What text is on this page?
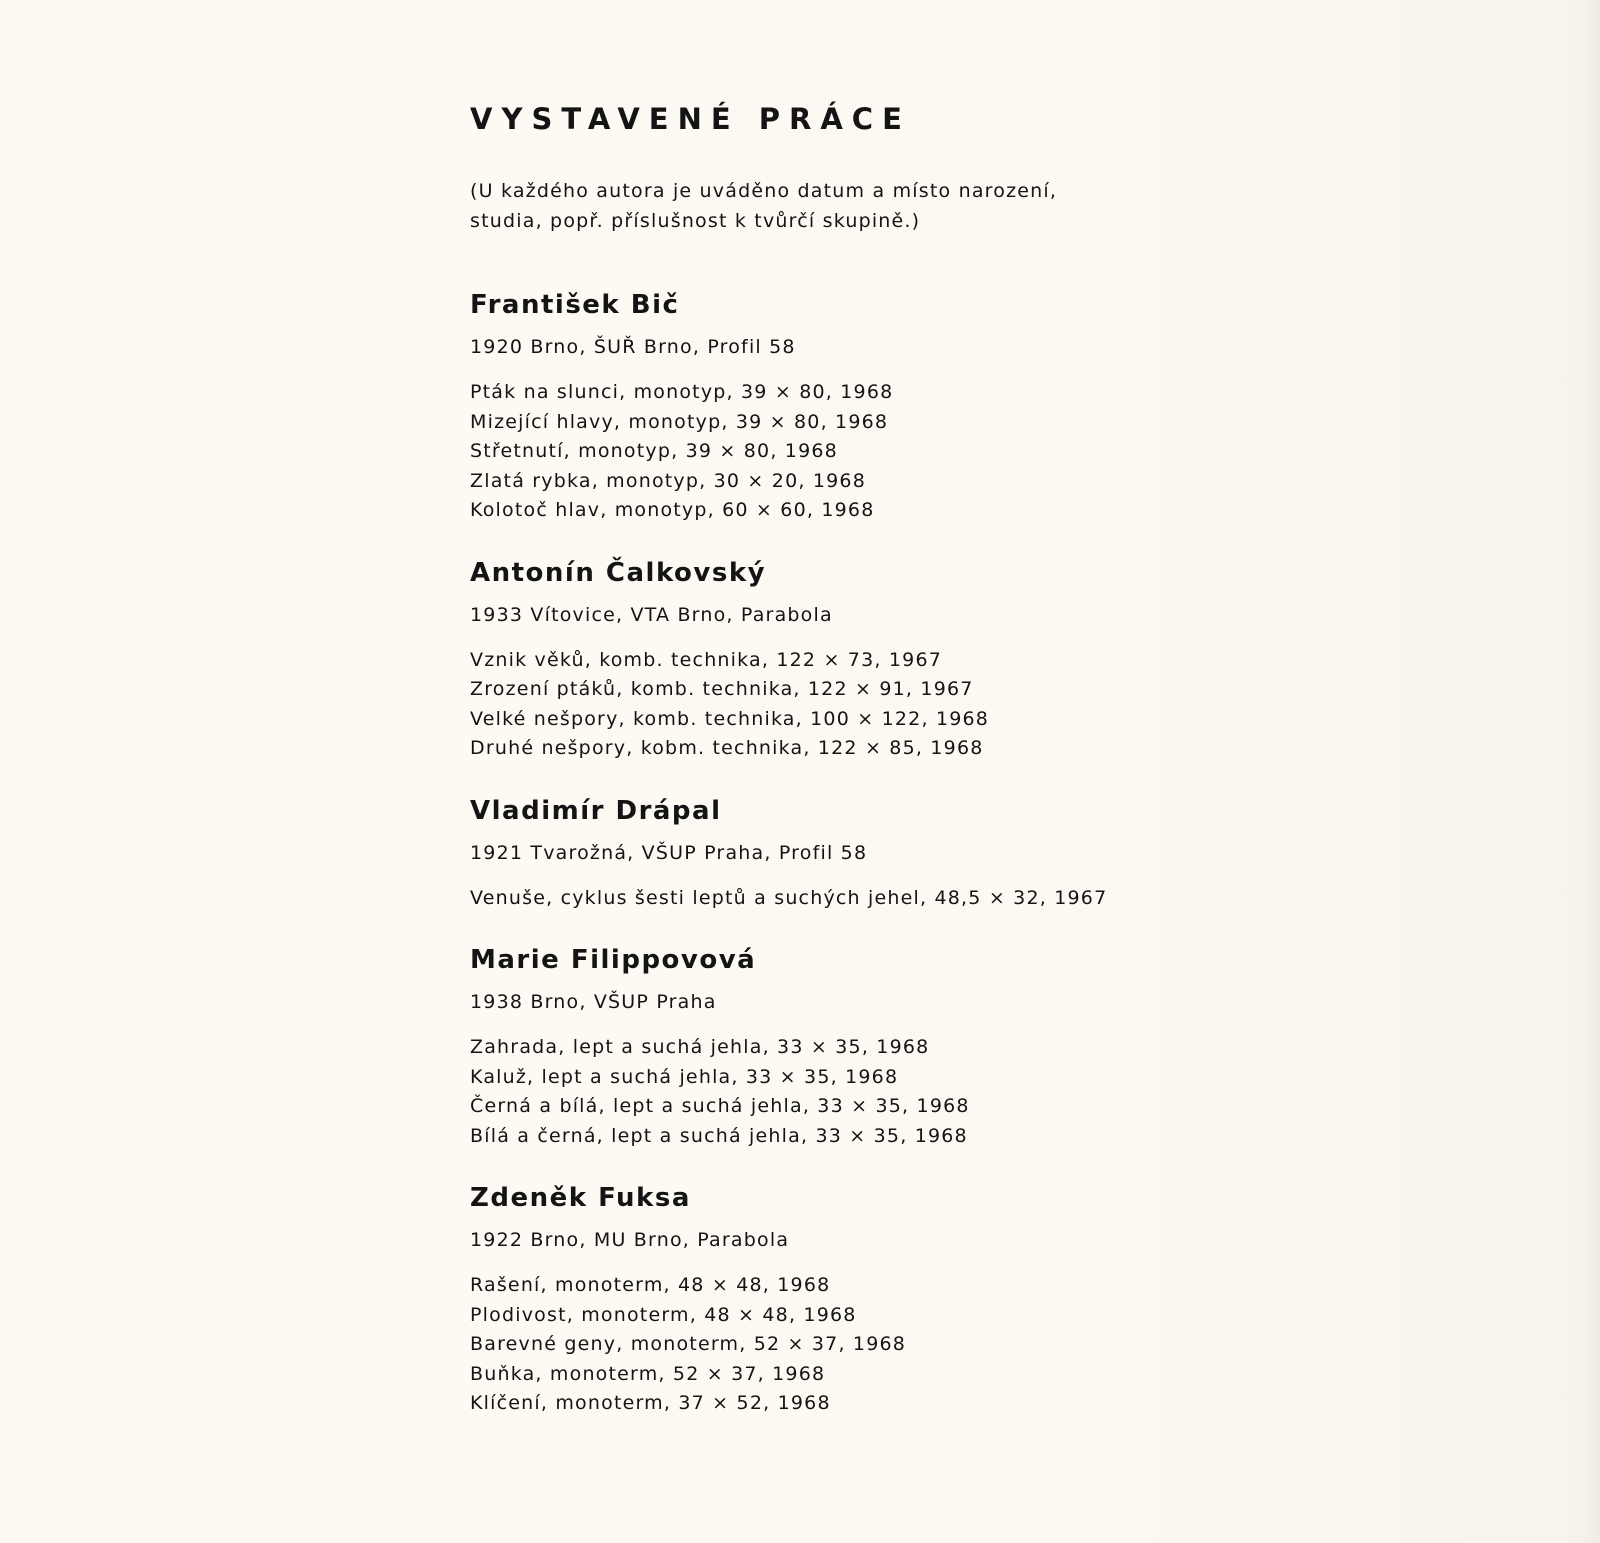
VYSTAVENÉ PRÁCE

(U každého autora je uváděno datum a místo narození, studia, popř. příslušnost k tvůrčí skupině.)

František Bič

1920 Brno, ŠUŘ Brno, Profil 58

Pták na slunci, monotyp, 39 × 80, 1968
Mizející hlavy, monotyp, 39 × 80, 1968
Střetnutí, monotyp, 39 × 80, 1968
Zlatá rybka, monotyp, 30 × 20, 1968
Kolotoč hlav, monotyp, 60 × 60, 1968
Antonín Čalkovský

1933 Vítovice, VTA Brno, Parabola

Vznik věků, komb. technika, 122 × 73, 1967
Zrození ptáků, komb. technika, 122 × 91, 1967
Velké nešpory, komb. technika, 100 × 122, 1968
Druhé nešpory, kobm. technika, 122 × 85, 1968
Vladimír Drápal

1921 Tvarožná, VŠUP Praha, Profil 58

Venuše, cyklus šesti leptů a suchých jehel, 48,5 × 32, 1967
Marie Filippovová

1938 Brno, VŠUP Praha

Zahrada, lept a suchá jehla, 33 × 35, 1968
Kaluž, lept a suchá jehla, 33 × 35, 1968
Černá a bílá, lept a suchá jehla, 33 × 35, 1968
Bílá a černá, lept a suchá jehla, 33 × 35, 1968
Zdeněk Fuksa

1922 Brno, MU Brno, Parabola

Rašení, monoterm, 48 × 48, 1968
Plodivost, monoterm, 48 × 48, 1968
Barevné geny, monoterm, 52 × 37, 1968
Buňka, monoterm, 52 × 37, 1968
Klíčení, monoterm, 37 × 52, 1968
